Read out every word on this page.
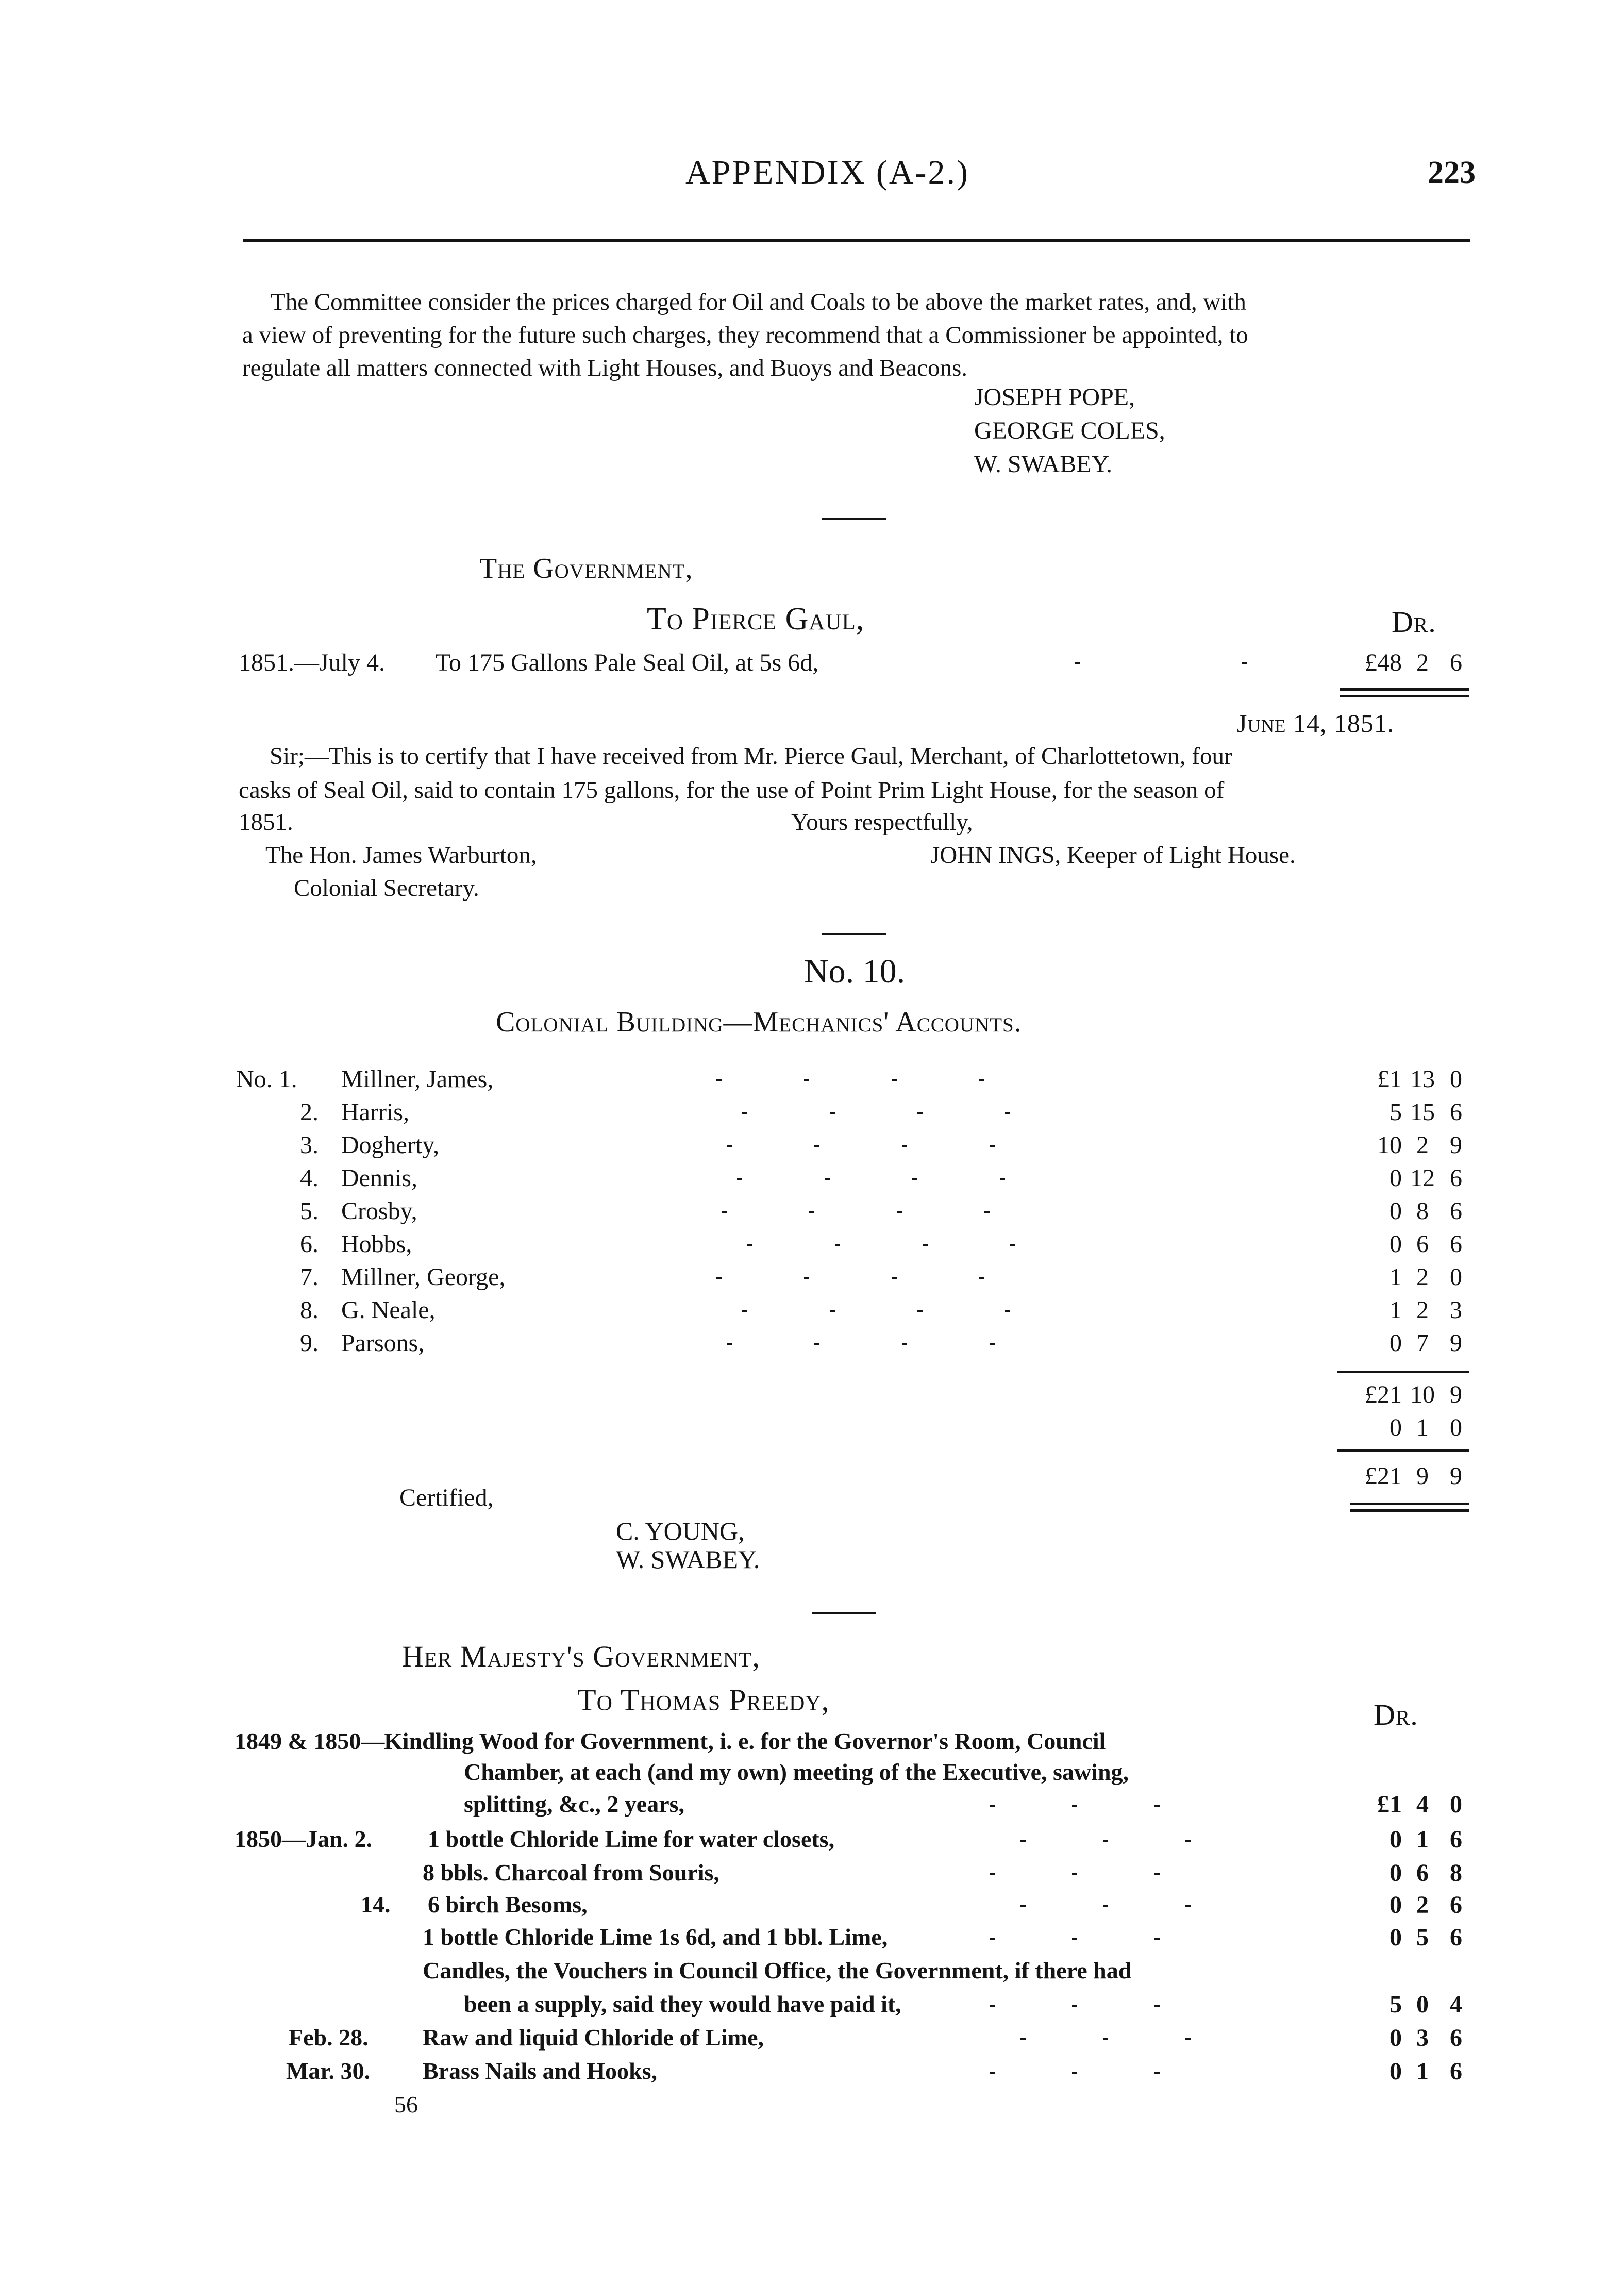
APPENDIX (A-2.)	223
The Committee consider the prices charged for Oil and Coals to be above the market rates, and, with
a view of preventing for the future such charges, they recommend that a Commissioner be appointed, to
regulate all matters connected with Light Houses, and Buoys and Beacons.
JOSEPH POPE,
GEORGE COLES,
W. SWABEY.
The Government,
To Pierce Gaul,	Dr.
1851.—July 4. To 175 Gallons Pale Seal Oil, at 5s 6d,	£48 2 6
June 14, 1851.
Sir;—This is to certify that I have received from Mr. Pierce Gaul, Merchant, of Charlottetown, four
casks of Seal Oil, said to contain 175 gallons, for the use of Point Prim Light House, for the season of
1851.	Yours respectfully,
The Hon. James Warburton,	JOHN INGS, Keeper of Light House.
Colonial Secretary.
No. 10.
Colonial Building—Mechanics' Accounts.
No. 1. Millner, James,	£1 13 0
2. Harris,	5 15 6
3. Dogherty,	10 2 9
4. Dennis,	0 12 6
5. Crosby,	0 8 6
6. Hobbs,	0 6 6
7. Millner, George,	1 2 0
8. G. Neale,	1 2 3
9. Parsons,	0 7 9
£21 10 9
0 1 0
£21 9 9
Certified,
C. YOUNG,
W. SWABEY.
Her Majesty's Government,
To Thomas Preedy,	Dr.
1849 & 1850—
Kindling Wood for Government, i. e. for the Governor's Room, Council
Chamber, at each (and my own) meeting of the Executive, sawing,
splitting, &c., 2 years,	£1 4 0
1850—Jan. 2. 1 bottle Chloride Lime for water closets,	0 1 6
8 bbls. Charcoal from Souris,	0 6 8
14. 6 birch Besoms,	0 2 6
1 bottle Chloride Lime 1s 6d, and 1 bbl. Lime,	0 5 6
Candles, the Vouchers in Council Office, the Government, if there had
been a supply, said they would have paid it,	5 0 4
Feb. 28. Raw and liquid Chloride of Lime,	0 3 6
Mar. 30. Brass Nails and Hooks,	0 1 6
56
